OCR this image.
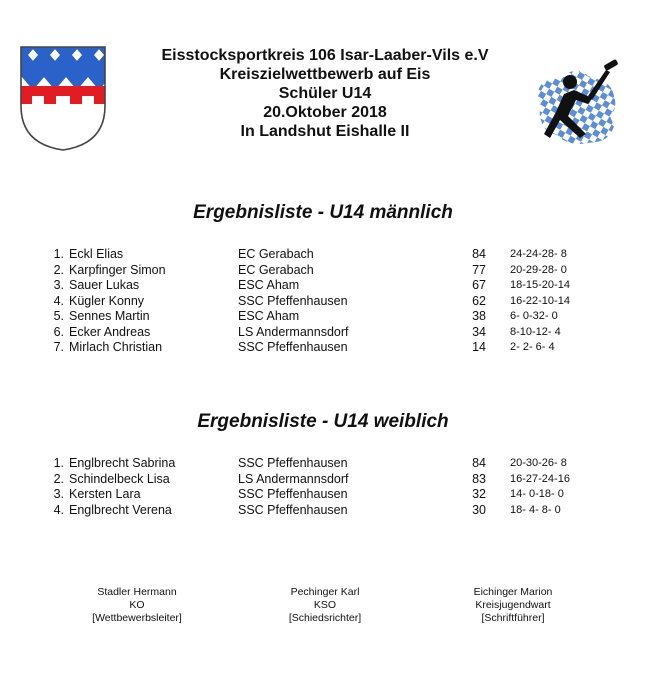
Eisstocksportkreis 106 Isar-Laaber-Vils e.V
Kreiszielwettbewerb auf Eis
Schüler U14
20.Oktober 2018
In Landshut Eishalle II
Ergebnisliste - U14 männlich
1. Eckl Elias	EC Gerabach	84 24-24-28- 8
2. Karpfinger Simon	EC Gerabach	77 20-29-28- 0
3. Sauer Lukas	ESC Aham	67 18-15-20-14
4. Kügler Konny	SSC Pfeffenhausen	62 16-22-10-14
5. Sennes Martin	ESC Aham	38 6- 0-32- 0
6. Ecker Andreas	LS Andermannsdorf	34 8-10-12- 4
7. Mirlach Christian	SSC Pfeffenhausen	14 2- 2- 6- 4
Ergebnisliste - U14 weiblich
1. Englbrecht Sabrina	SSC Pfeffenhausen	84 20-30-26- 8
2. Schindelbeck Lisa	LS Andermannsdorf	83 16-27-24-16
3. Kersten Lara	SSC Pfeffenhausen	32 14- 0-18- 0
4. Englbrecht Verena	SSC Pfeffenhausen	30 18- 4- 8- 0
Stadler Hermann
KO
[Wettbewerbsleiter]
Pechinger Karl
KSO
[Schiedsrichter]
Eichinger Marion
Kreisjugendwart
[Schriftführer]
